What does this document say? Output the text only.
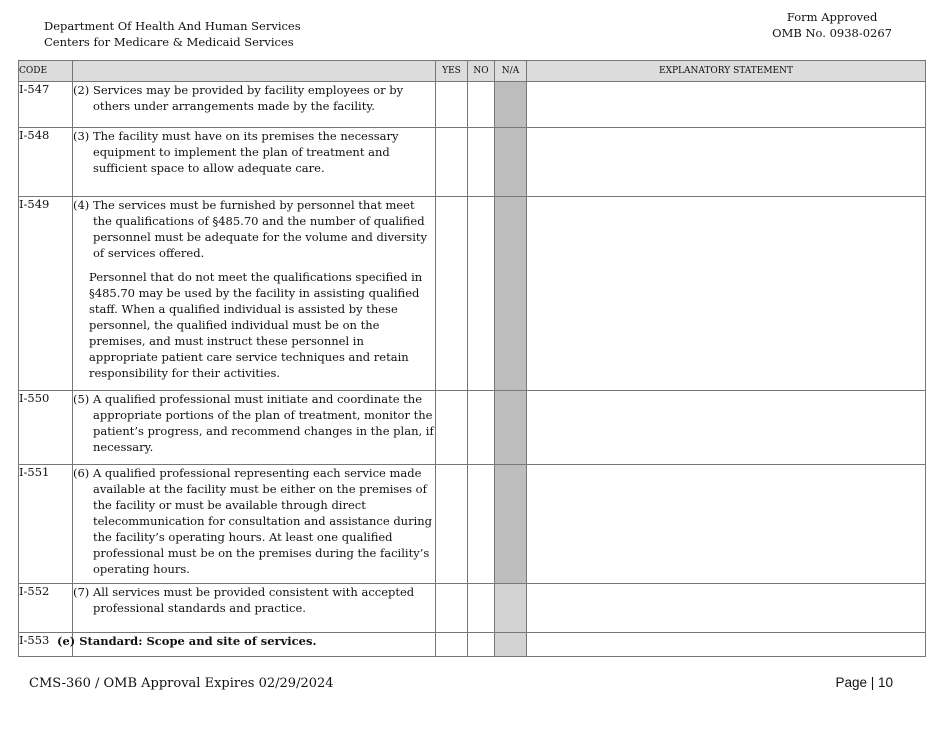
Department Of Health And Human Services
Centers for Medicare & Medicaid Services
Form Approved
OMB No. 0938-0267
CODE		YES	NO	N/A	EXPLANATORY STATEMENT
I-547	(2) Services may be provided by facility employees or by others under arrangements made by the facility.				

I-548	(3) The facility must have on its premises the necessary equipment to implement the plan of treatment and sufficient space to allow adequate care.				

I-549	(4) The services must be furnished by personnel that meet the qualifications of §485.70 and the number of qualified personnel must be adequate for the volume and diversity of services offered.
Personnel that do not meet the qualifications specified in §485.70 may be used by the facility in assisting qualified staff. When a qualified individual is assisted by these personnel, the qualified individual must be on the premises, and must instruct these personnel in appropriate patient care service techniques and retain responsibility for their activities.				

I-550	(5) A qualified professional must initiate and coordinate the appropriate portions of the plan of treatment, monitor the patient’s progress, and recommend changes in the plan, if necessary.				

I-551	(6) A qualified professional representing each service made available at the facility must be either on the premises of the facility or must be available through direct telecommunication for consultation and assistance during the facility’s operating hours. At least one qualified professional must be on the premises during the facility’s operating hours.				

I-552	(7) All services must be provided consistent with accepted professional standards and practice.				

I-553	(e) Standard: Scope and site of services.				

CMS-360 / OMB Approval Expires 02/29/2024	Page | 10
